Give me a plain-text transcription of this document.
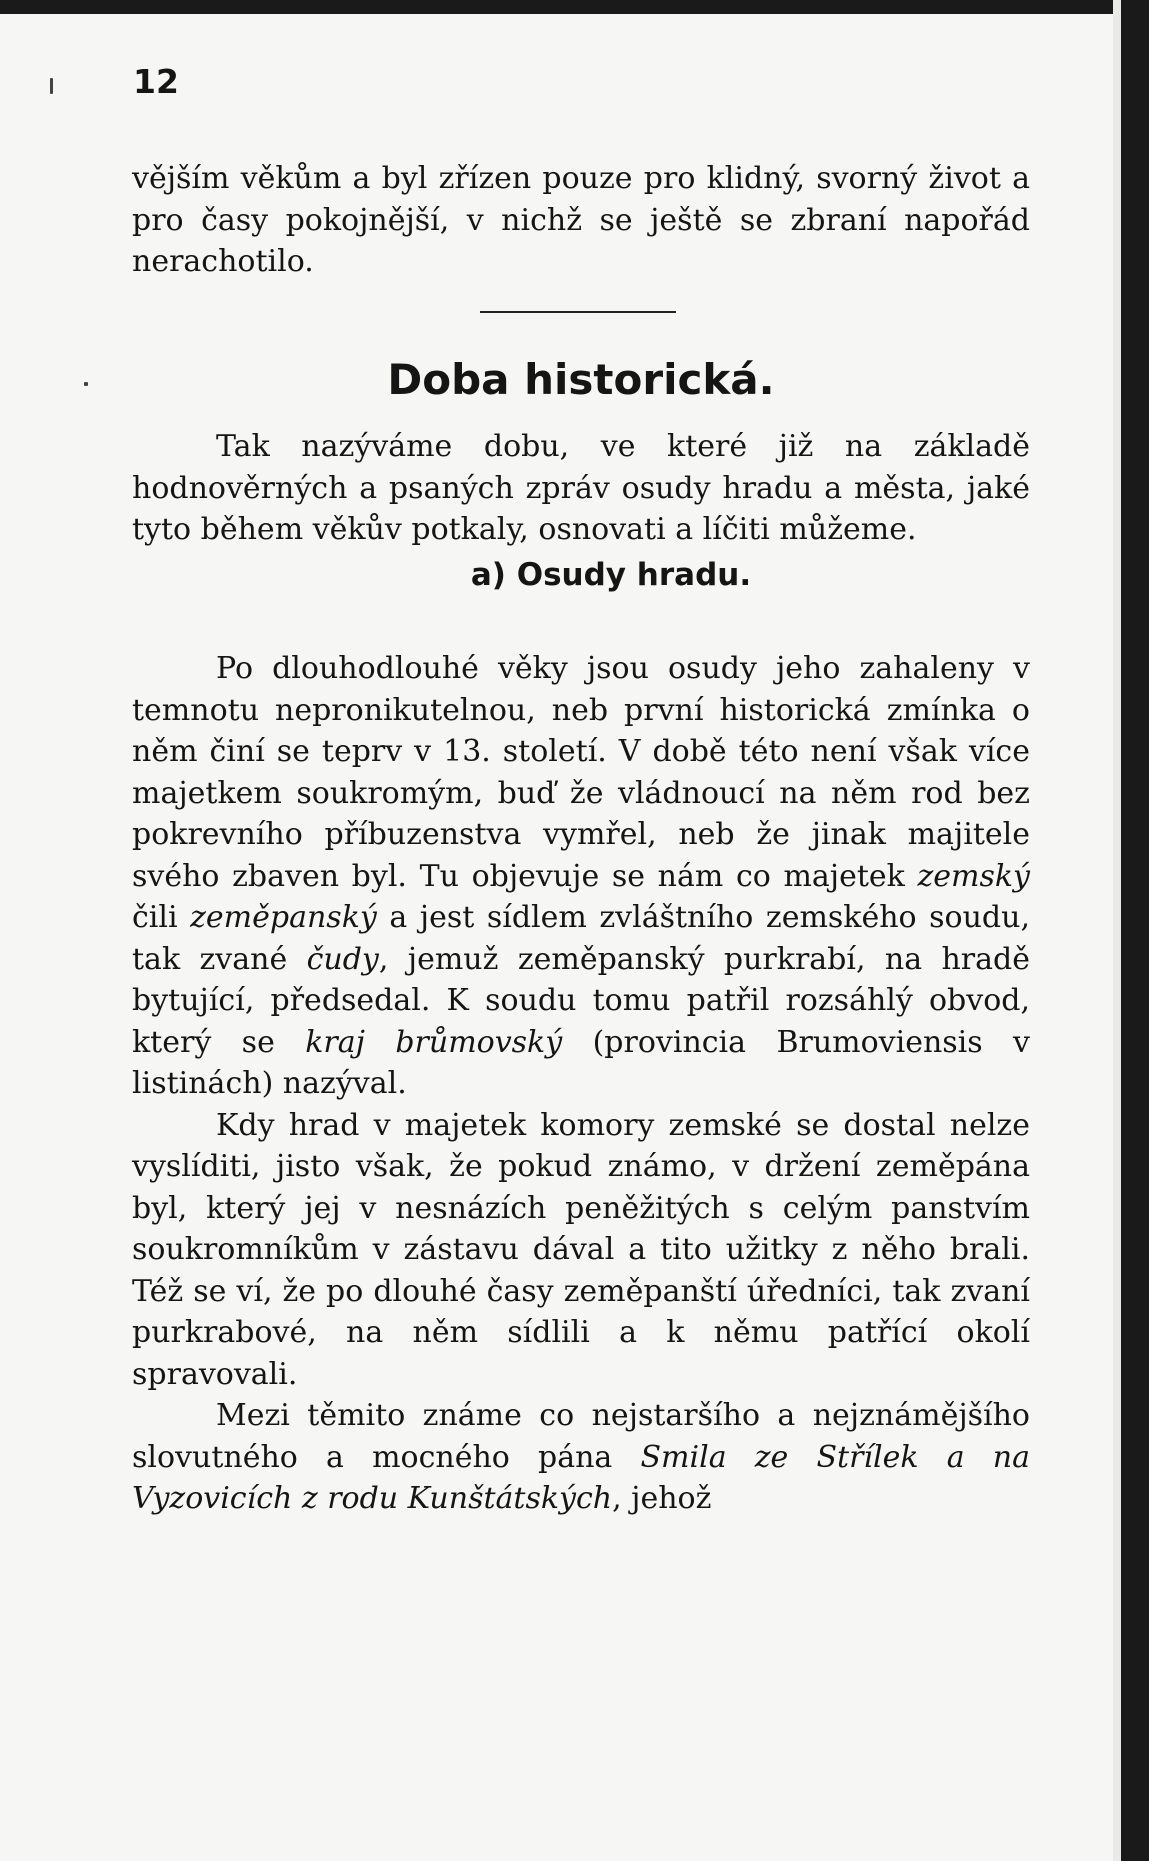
12

vějším věkům a byl zřízen pouze pro klidný, svorný život a pro časy pokojnější, v nichž se ještě se zbraní napořád nerachotilo.

Doba historická.

Tak nazýváme dobu, ve které již na základě hodnověrných a psaných zpráv osudy hradu a města, jaké tyto během věkův potkaly, osnovati a líčiti můžeme.

a) Osudy hradu.

Po dlouhodlouhé věky jsou osudy jeho zahaleny v temnotu nepronikutelnou, neb první historická zmínka o něm činí se teprv v 13. století. V době této není však více majetkem soukromým, buď že vládnoucí na něm rod bez pokrevního příbuzenstva vymřel, neb že jinak majitele svého zbaven byl. Tu objevuje se nám co majetek zemský čili zeměpanský a jest sídlem zvláštního zemského soudu, tak zvané čudy, jemuž zeměpanský purkrabí, na hradě bytující, předsedal. K soudu tomu patřil rozsáhlý obvod, který se kraj brůmovský (provincia Brumoviensis v listinách) nazýval.

Kdy hrad v majetek komory zemské se dostal nelze vyslíditi, jisto však, že pokud známo, v držení zeměpána byl, který jej v nesnázích peněžitých s celým panstvím soukromníkům v zástavu dával a tito užitky z něho brali. Též se ví, že po dlouhé časy zeměpanští úředníci, tak zvaní purkrabové, na něm sídlili a k němu patřící okolí spravovali.

Mezi těmito známe co nejstaršího a nejznámějšího slovutného a mocného pána Smila ze Střílek a na Vyzovicích z rodu Kunštátských, jehož
